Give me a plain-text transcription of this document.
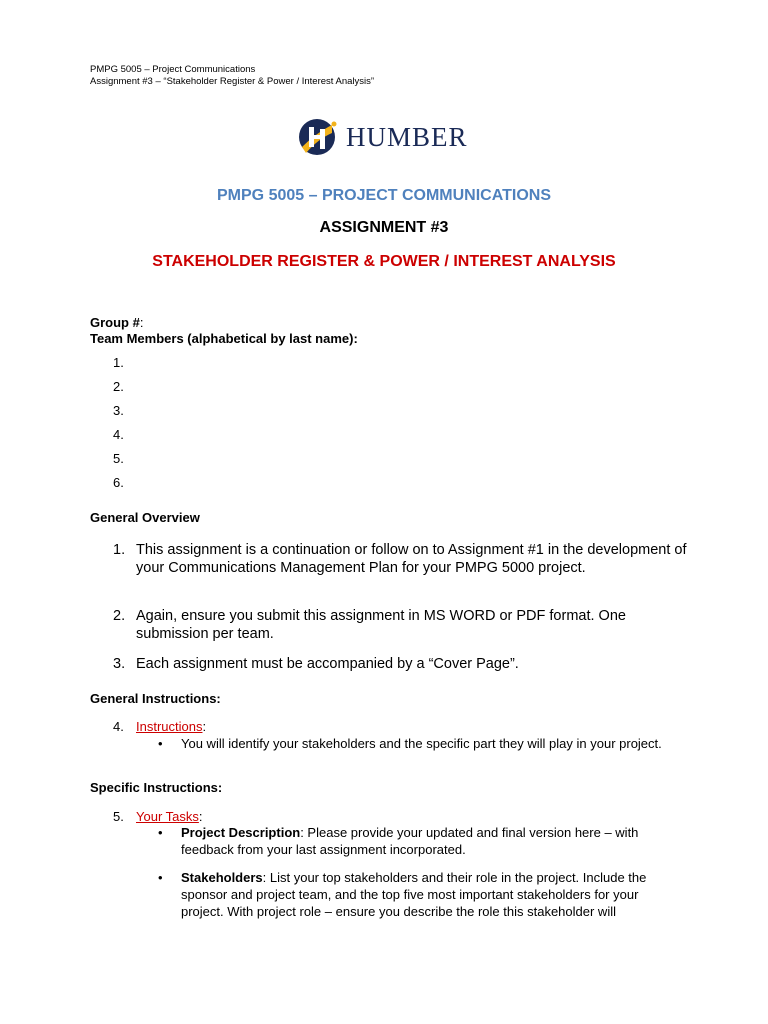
PMPG 5005 – Project Communications
Assignment #3 – “Stakeholder Register & Power / Interest Analysis”
HUMBER
PMPG 5005 – PROJECT COMMUNICATIONS
ASSIGNMENT #3
STAKEHOLDER REGISTER & POWER / INTEREST ANALYSIS
Group #:
Team Members (alphabetical by last name):
1.
2.
3.
4.
5.
6.
General Overview
1. This assignment is a continuation or follow on to Assignment #1 in the development of your Communications Management Plan for your PMPG 5000 project.
2. Again, ensure you submit this assignment in MS WORD or PDF format. One submission per team.
3. Each assignment must be accompanied by a “Cover Page”.
General Instructions:
4. Instructions:
• You will identify your stakeholders and the specific part they will play in your project.
Specific Instructions:
5. Your Tasks:
• Project Description: Please provide your updated and final version here – with feedback from your last assignment incorporated.
• Stakeholders: List your top stakeholders and their role in the project. Include the sponsor and project team, and the top five most important stakeholders for your project. With project role – ensure you describe the role this stakeholder will
